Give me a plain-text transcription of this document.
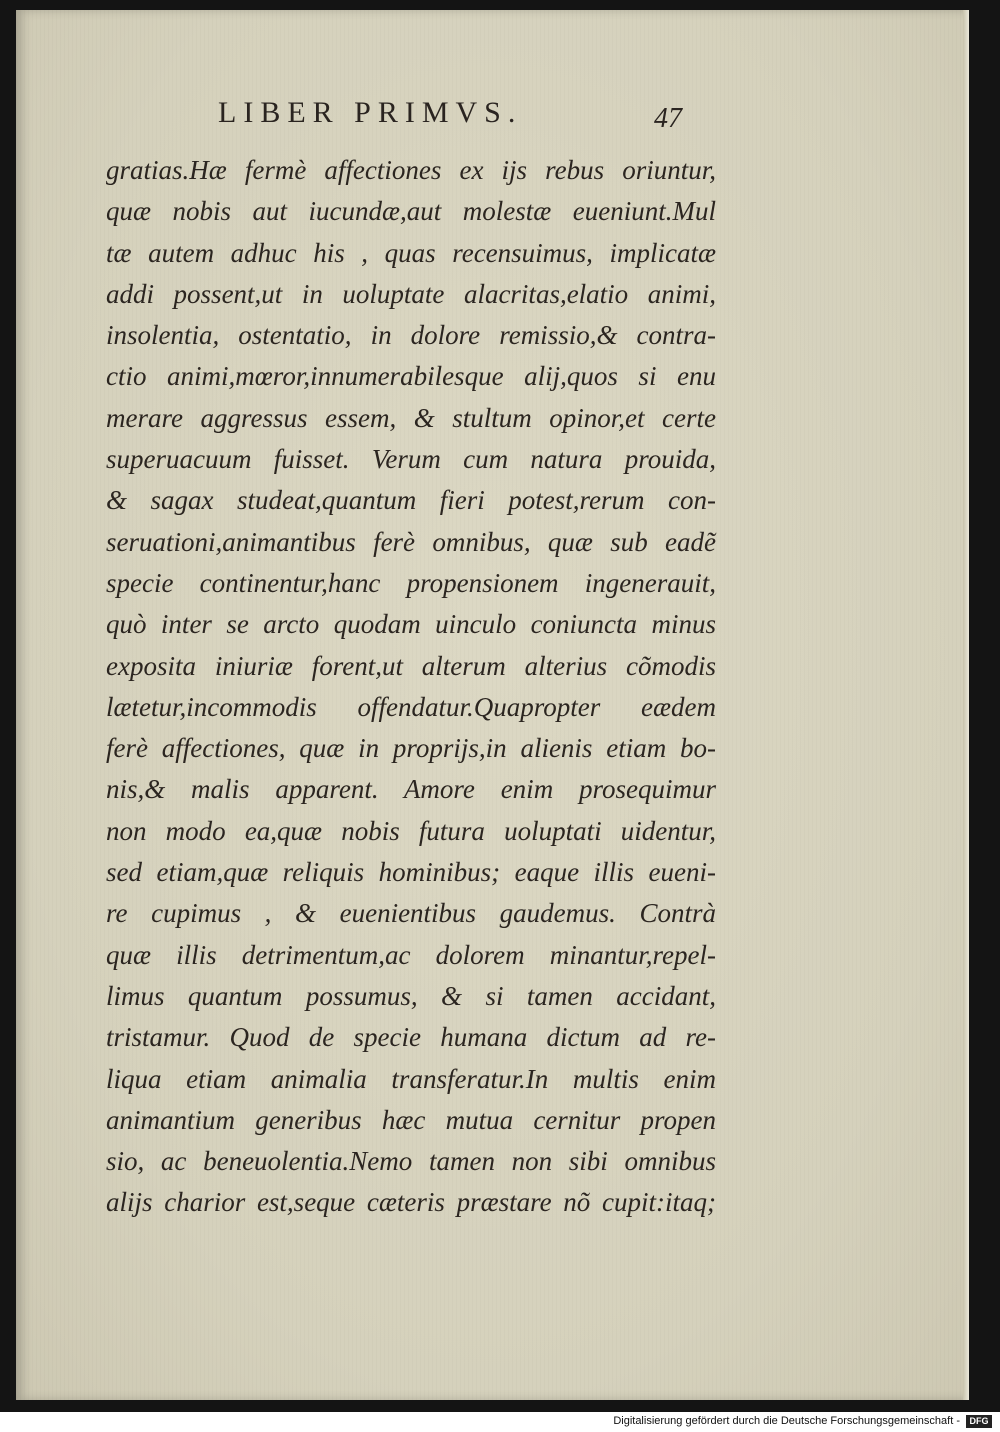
LIBER PRIMVS.	47
gratias.Hæ fermè affectiones ex ijs rebus oriuntur,
quæ nobis aut iucundæ,aut molestæ eueniunt.Mul
tæ autem adhuc his , quas recensuimus, implicatæ
addi possent,ut in uoluptate alacritas,elatio animi,
insolentia, ostentatio, in dolore remissio,& contra-
ctio animi,mœror,innumerabilesque alij,quos si enu
merare aggressus essem, & stultum opinor,et certe
superuacuum fuisset. Verum cum natura prouida,
& sagax studeat,quantum fieri potest,rerum con-
seruationi,animantibus ferè omnibus, quæ sub eadẽ
specie continentur,hanc propensionem ingenerauit,
quò inter se arcto quodam uinculo coniuncta minus
exposita iniuriæ forent,ut alterum alterius cõmodis
lætetur,incommodis offendatur.Quapropter eædem
ferè affectiones, quæ in proprijs,in alienis etiam bo-
nis,& malis apparent. Amore enim prosequimur
non modo ea,quæ nobis futura uoluptati uidentur,
sed etiam,quæ reliquis hominibus; eaque illis eueni-
re cupimus , & euenientibus gaudemus. Contrà
quæ illis detrimentum,ac dolorem minantur,repel-
limus quantum possumus, & si tamen accidant,
tristamur. Quod de specie humana dictum ad re-
liqua etiam animalia transferatur.In multis enim
animantium generibus hæc mutua cernitur propen
sio, ac beneuolentia.Nemo tamen non sibi omnibus
alijs charior est,seque cæteris præstare nõ cupit:itaq;
Digitalisierung gefördert durch die Deutsche Forschungsgemeinschaft -	DFG
